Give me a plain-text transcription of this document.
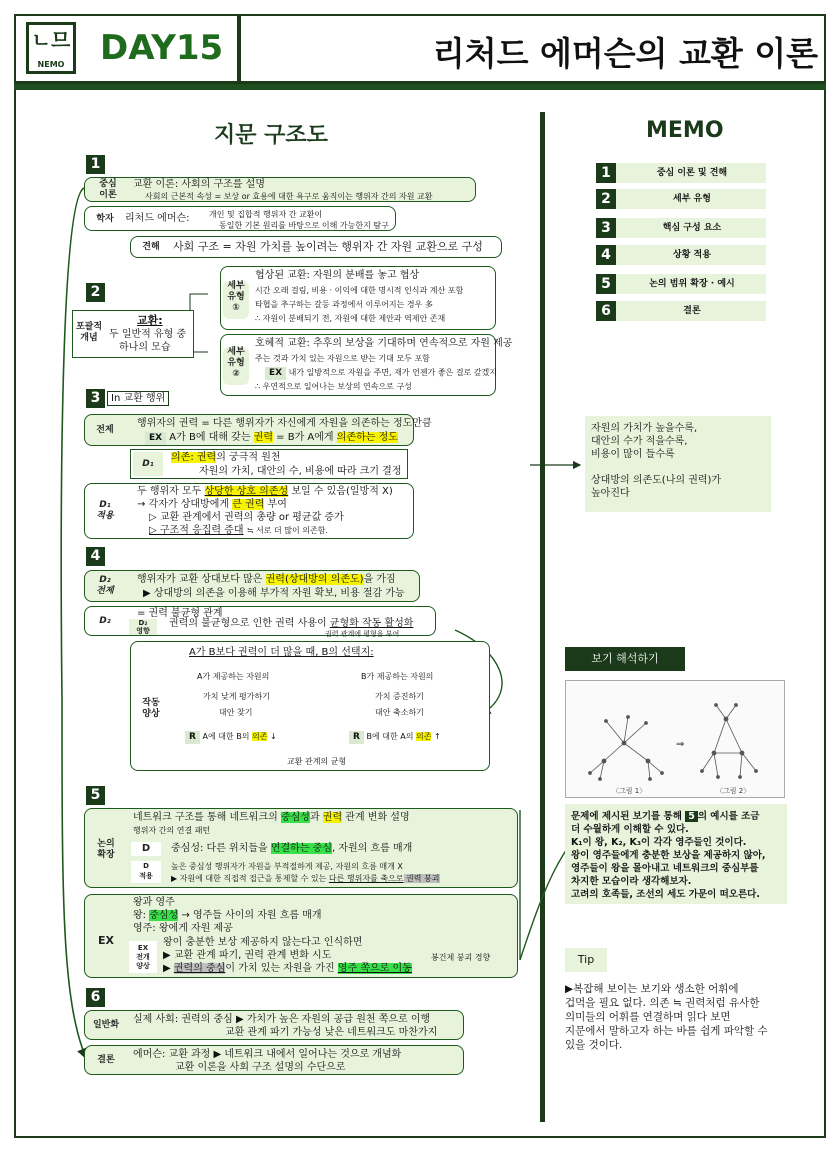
ㄴ므
NEMO DAY15	리처드 에머슨의 교환 이론
지문 구조도	MEMO
1
중심
이론
교환 이론: 사회의 구조를 설명
사회의 근본적 속성 = 보상 or 효용에 대한 욕구로 움직이는 행위자 간의 자원 교환
학자	리처드 에머슨: 개인 및 집합적 행위자 간 교환이
동일한 기본 원리를 바탕으로 이해 가능한지 탐구
견해	사회 구조 = 자원 가치를 높이려는 행위자 간 자원 교환으로 구성
2
포괄적
개념
교환:
두 일반적 유형 중
하나의 모습
세부
유형
①
협상된 교환: 자원의 분배를 놓고 협상
시간 오래 걸림, 비용 · 이익에 대한 명시적 인식과 계산 포함
타협을 추구하는 갈등 과정에서 이루어지는 경우 多
∴ 자원이 분배되기 전, 자원에 대한 제안과 역제안 존재
세부
유형
②
호혜적 교환: 추후의 보상을 기대하며 연속적으로 자원 제공
주는 것과 가치 있는 자원으로 받는 기대 모두 포함
EX 내가 일방적으로 자원을 주면, 재가 언젠가 좋은 걸로 갚겠지
∴ 우연적으로 일어나는 보상의 연속으로 구성
3	In 교환 행위
전제
행위자의 권력 = 다른 행위자가 자신에게 자원을 의존하는 정도만큼
EX A가 B에 대해 갖는 권력 = B가 A에게 의존하는 정도
D₁
의존: 권력의 궁극적 원천
자원의 가치, 대안의 수, 비용에 따라 크기 결정
D₁
적용
두 행위자 모두 상당한 상호 의존성 보일 수 있음(일방적 X)
→ 각자가 상대방에게 큰 권력 부여
▷ 교환 관계에서 권력의 총량 or 평균값 증가
▷ 구조적 응집력 증대 ≒ 서로 더 많이 의존함.
4
D₂
전제
행위자가 교환 상대보다 많은 권력(상대방의 의존도)을 가짐
▶ 상대방의 의존을 이용해 부가적 자원 확보, 비용 절감 가능
D₂
= 권력 불균형 관계
D₂
영향
권력의 불균형으로 인한 권력 사용이 균형화 작동 활성화
권력 관계에 평형을 부여
작동
양상
A가 B보다 권력이 더 많을 때, B의 선택지:
A가 제공하는 자원의	B가 제공하는 자원의
가치 낮게 평가하기
대안 찾기
가치 증진하기
대안 축소하기
R A에 대한 B의 의존 ↓	R B에 대한 A의 의존 ↑
교환 관계의 균형
5
논의
확장
네트워크 구조를 통해 네트워크의 중심성과 권력 관계 변화 설명
행위자 간의 연결 패턴
D	중심성: 다른 위치들을 연결하는 중심, 자원의 흐름 매개
D
적용
높은 중심성 행위자가 자원을 부적절하게 제공, 자원의 흐름 매개 X
▶ 자원에 대한 직접적 접근을 통제할 수 있는 다른 행위자를 축으로 권력 붕괴
EX
왕과 영주
왕: 중심성 → 영주들 사이의 자원 흐름 매개
영주: 왕에게 자원 제공
EX
전개
양상
왕이 충분한 보상 제공하지 않는다고 인식하면
▶ 교환 관계 파기, 권력 관계 변화 시도
▶ 권력의 중심이 가치 있는 자원을 가진 영주 쪽으로 이동
봉건제 붕괴 경향
6
일반화	실제 사회: 권력의 중심 ▶ 가치가 높은 자원의 공급 원천 쪽으로 이행
교환 관계 파기 가능성 낮은 네트워크도 마찬가지
결론	에머슨: 교환 과정 ▶ 네트워크 내에서 일어나는 것으로 개념화
교환 이론을 사회 구조 설명의 수단으로
1	중심 이론 및 견해
2	세부 유형
3	핵심 구성 요소
4	상황 적용
5	논의 범위 확장 · 예시
6	결론
자원의 가치가 높을수록,
대안의 수가 적을수록,
비용이 많이 들수록
상대방의 의존도(나의 권력)가
높아진다
보기 해석하기
⇒
〈그림 1〉	〈그림 2〉
문제에 제시된 보기를 통해 5 의 예시를 조금
더 수월하게 이해할 수 있다.
K₁이 왕, K₂, K₃이 각각 영주들인 것이다.
왕이 영주들에게 충분한 보상을 제공하지 않아,
영주들이 왕을 몰아내고 네트워크의 중심부를
차지한 모습이라 생각해보자.
고려의 호족들, 조선의 세도 가문이 떠오른다.
Tip
▶복잡해 보이는 보기와 생소한 어휘에
겁먹을 필요 없다. 의존 ≒ 권력처럼 유사한
의미들의 어휘를 연결하며 읽다 보면
지문에서 말하고자 하는 바를 쉽게 파악할 수
있을 것이다.
